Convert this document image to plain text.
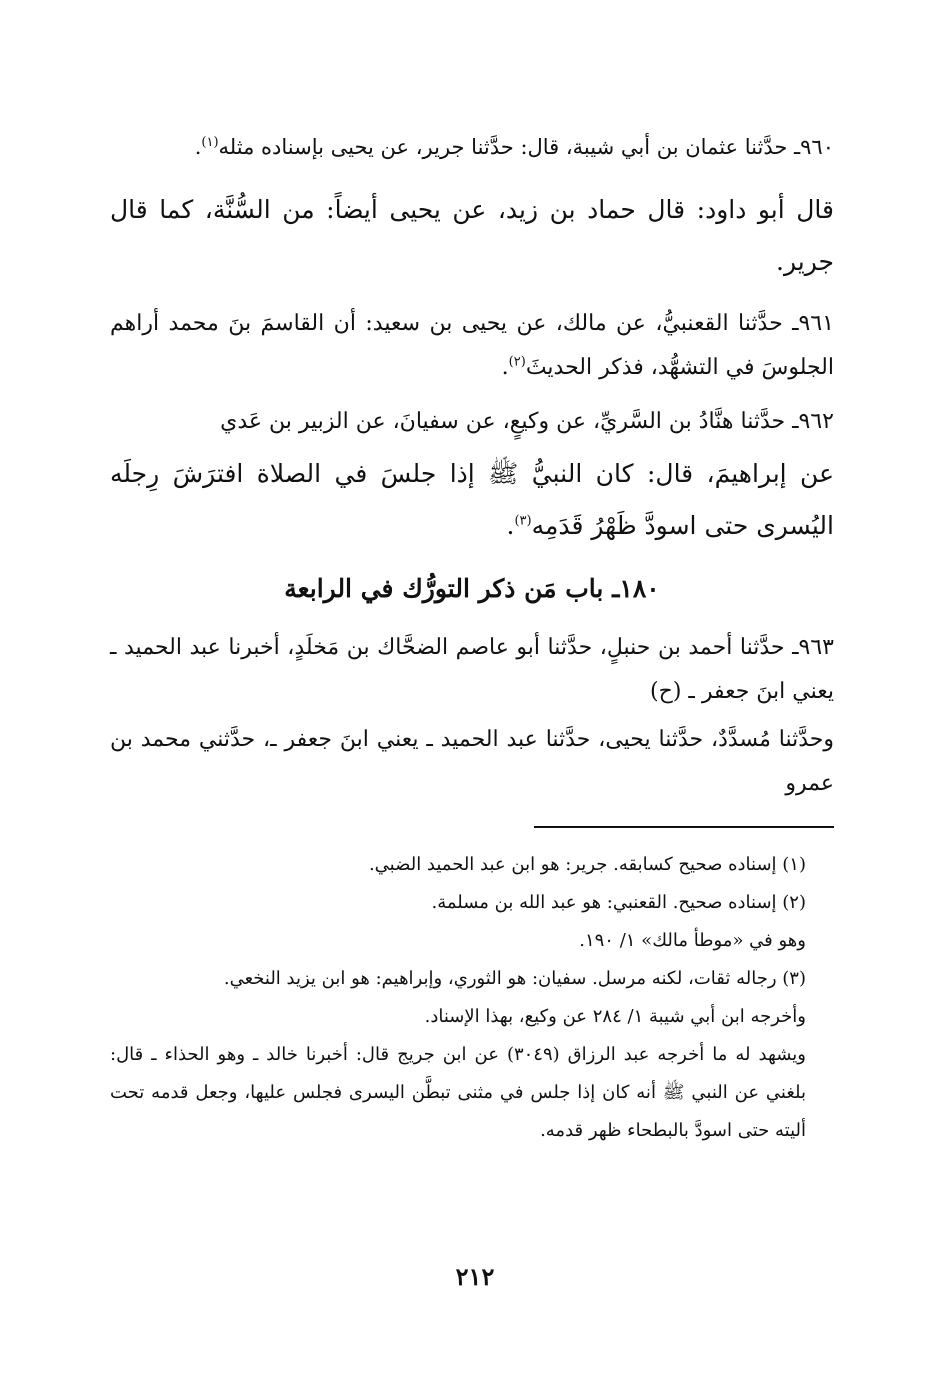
٩٦٠ـ حدَّثنا عثمان بن أبي شيبة، قال: حدَّثنا جرير، عن يحيى بإسناده مثله$^{(١)}$.

قال أبو داود: قال حماد بن زيد، عن يحيى أيضاً: من السُّنَّة، كما قال جرير.

٩٦١ـ حدَّثنا القعنبيُّ، عن مالك، عن يحيى بن سعيد: أن القاسمَ بنَ محمد أراهم الجلوسَ في التشهُّد، فذكر الحديثَ$^{(٢)}$.

٩٦٢ـ حدَّثنا هنَّادُ بن السَّريِّ، عن وكيعٍ، عن سفيانَ، عن الزبير بن عَدي

عن إبراهيمَ، قال: كان النبيُّ ﷺ إذا جلسَ في الصلاة افترَشَ رِجلَه اليُسرى حتى اسودَّ ظَهْرُ قَدَمِه$^{(٣)}$.

١٨٠ـ باب مَن ذكر التورُّك في الرابعة

٩٦٣ـ حدَّثنا أحمد بن حنبلٍ، حدَّثنا أبو عاصم الضحَّاك بن مَخلَدٍ، أخبرنا عبد الحميد ـ يعني ابنَ جعفر ـ (ح)

وحدَّثنا مُسدَّدٌ، حدَّثنا يحيى، حدَّثنا عبد الحميد ـ يعني ابنَ جعفر ـ، حدَّثني محمد بن عمرو

(١) إسناده صحيح كسابقه. جرير: هو ابن عبد الحميد الضبي.

(٢) إسناده صحيح. القعنبي: هو عبد الله بن مسلمة.

وهو في «موطأ مالك» ١/ ١٩٠.

(٣) رجاله ثقات، لكنه مرسل. سفيان: هو الثوري، وإبراهيم: هو ابن يزيد النخعي.

وأخرجه ابن أبي شيبة ١/ ٢٨٤ عن وكيع، بهذا الإسناد.

ويشهد له ما أخرجه عبد الرزاق (٣٠٤٩) عن ابن جريج قال: أخبرنا خالد ـ وهو الحذاء ـ قال: بلغني عن النبي ﷺ أنه كان إذا جلس في مثنى تبطَّن اليسرى فجلس عليها، وجعل قدمه تحت أليته حتى اسودَّ بالبطحاء ظهر قدمه.

٢١٢
